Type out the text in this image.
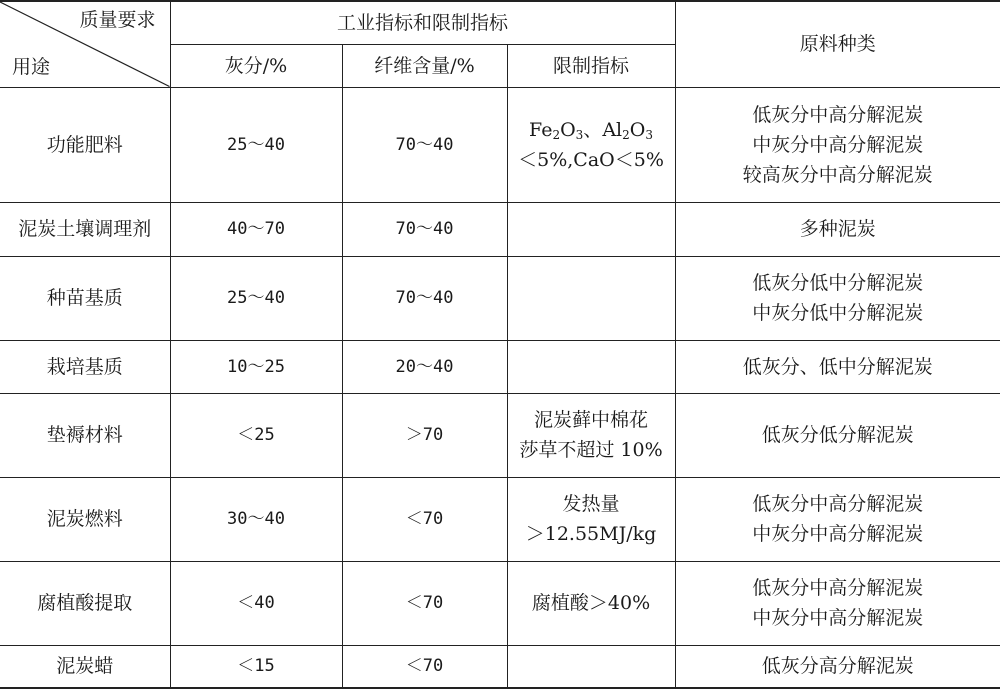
质量要求
用途	工业指标和限制指标			原料种类
	灰分/%	纤维含量/%	限制指标	
功能肥料	25～40	70～40	$Fe_2O_3$、$Al_2O_3$
＜5%,CaO＜5%	低灰分中高分解泥炭
中灰分中高分解泥炭
较高灰分中高分解泥炭

泥炭土壤调理剂	40～70	70～40		多种泥炭

种苗基质	25～40	70～40		低灰分低中分解泥炭
中灰分低中分解泥炭

栽培基质	10～25	20～40		低灰分、低中分解泥炭

垫褥材料	＜25	＞70	泥炭藓中棉花
莎草不超过 10%	低灰分低分解泥炭

泥炭燃料	30～40	＜70	发热量
＞12.55MJ/kg	低灰分中高分解泥炭
中灰分中高分解泥炭

腐植酸提取	＜40	＜70	腐植酸＞40%	低灰分中高分解泥炭
中灰分中高分解泥炭

泥炭蜡	＜15	＜70		低灰分高分解泥炭
